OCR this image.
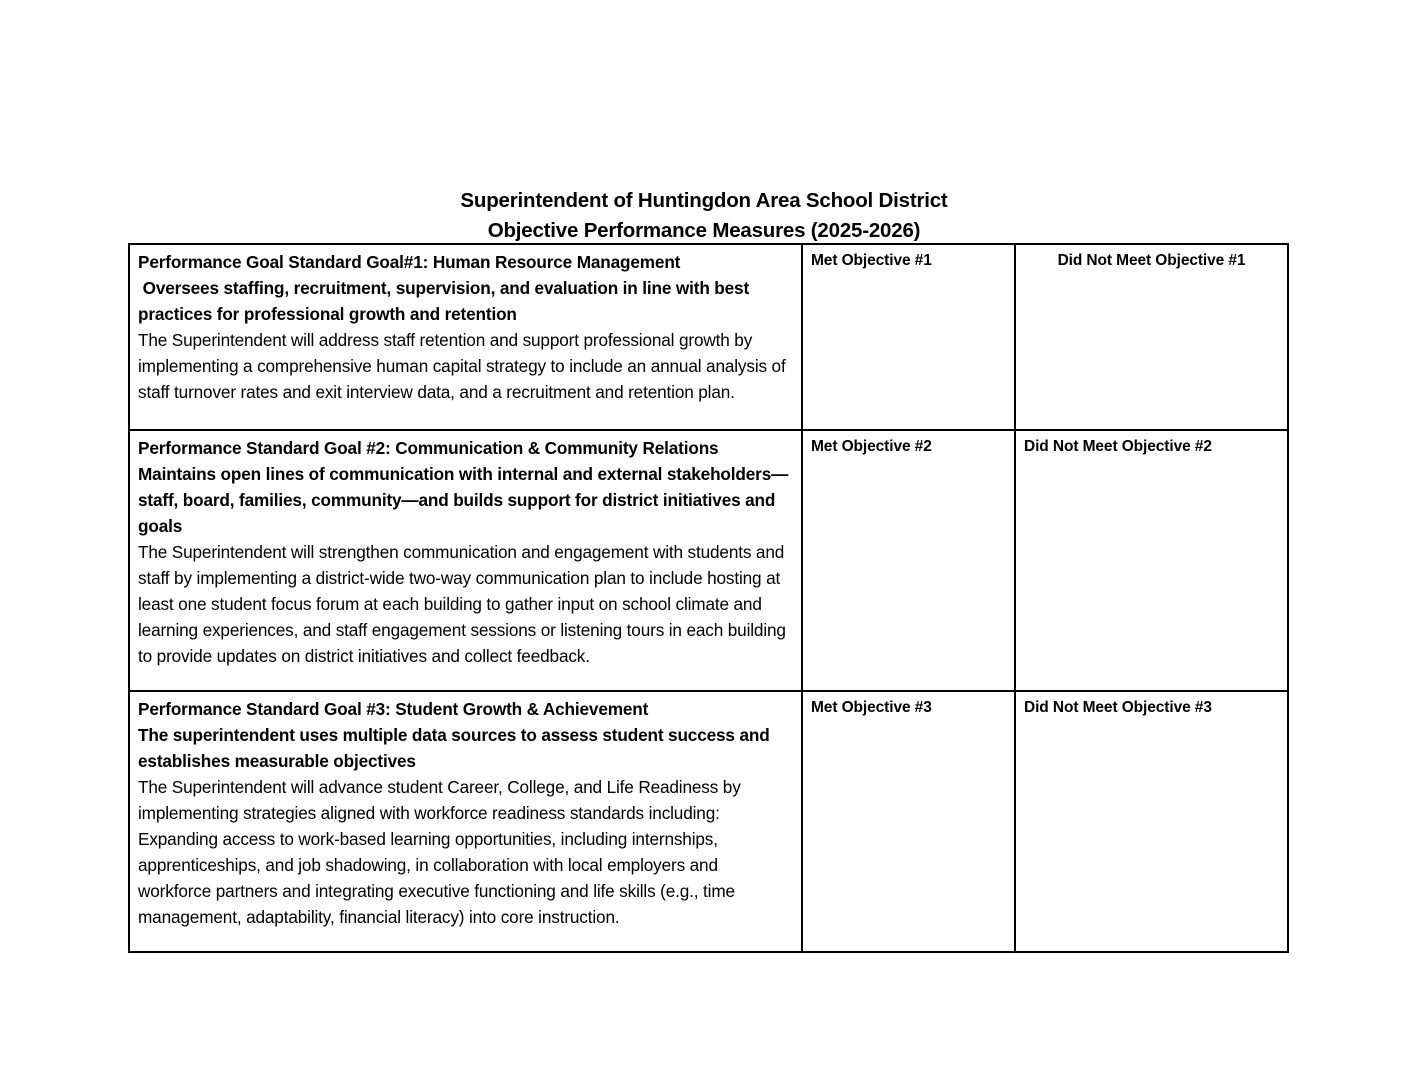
Superintendent of Huntingdon Area School District
Objective Performance Measures (2025-2026)
Performance Goal Standard Goal#1: Human Resource Management
Oversees staffing, recruitment, supervision, and evaluation in line with best practices for professional growth and retention
The Superintendent will address staff retention and support professional growth by implementing a comprehensive human capital strategy to include an annual analysis of staff turnover rates and exit interview data, and a recruitment and retention plan.	Met Objective #1	Did Not Meet Objective #1

Performance Standard Goal #2: Communication & Community Relations
Maintains open lines of communication with internal and external stakeholders—staff, board, families, community—and builds support for district initiatives and goals
The Superintendent will strengthen communication and engagement with students and staff by implementing a district-wide two-way communication plan to include hosting at least one student focus forum at each building to gather input on school climate and learning experiences, and staff engagement sessions or listening tours in each building to provide updates on district initiatives and collect feedback.	Met Objective #2	Did Not Meet Objective #2

Performance Standard Goal #3: Student Growth & Achievement
The superintendent uses multiple data sources to assess student success and establishes measurable objectives
The Superintendent will advance student Career, College, and Life Readiness by implementing strategies aligned with workforce readiness standards including: Expanding access to work-based learning opportunities, including internships, apprenticeships, and job shadowing, in collaboration with local employers and workforce partners and integrating executive functioning and life skills (e.g., time management, adaptability, financial literacy) into core instruction.	Met Objective #3	Did Not Meet Objective #3
